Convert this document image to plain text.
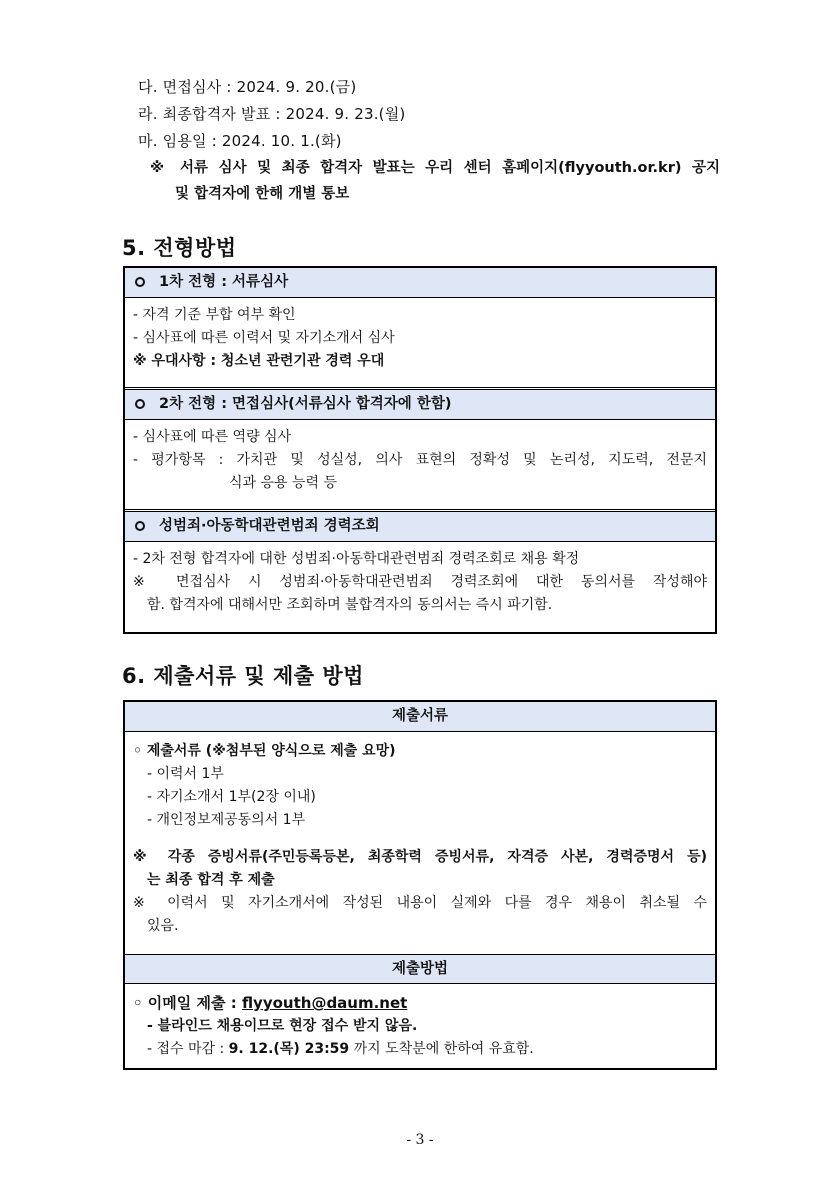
다. 면접심사 : 2024. 9. 20.(금)
라. 최종합격자 발표 : 2024. 9. 23.(월)
마. 임용일 : 2024. 10. 1.(화)
※ 서류 심사 및 최종 합격자 발표는 우리 센터 홈페이지(flyyouth.or.kr) 공지
및 합격자에 한해 개별 통보
5. 전형방법
1차 전형 : 서류심사
- 자격 기준 부합 여부 확인
- 심사표에 따른 이력서 및 자기소개서 심사
※ 우대사항 : 청소년 관련기관 경력 우대
2차 전형 : 면접심사(서류심사 합격자에 한함)
- 심사표에 따른 역량 심사
- 평가항목 : 가치관 및 성실성, 의사 표현의 정확성 및 논리성, 지도력, 전문지
식과 응용 능력 등
성범죄·아동학대관련범죄 경력조회
- 2차 전형 합격자에 대한 성범죄·아동학대관련범죄 경력조회로 채용 확정
※ 면접심사 시 성범죄·아동학대관련범죄 경력조회에 대한 동의서를 작성해야
함. 합격자에 대해서만 조회하며 불합격자의 동의서는 즉시 파기함.
6. 제출서류 및 제출 방법
제출서류
◦ 제출서류 (※첨부된 양식으로 제출 요망)
- 이력서 1부
- 자기소개서 1부(2장 이내)
- 개인정보제공동의서 1부
※ 각종 증빙서류(주민등록등본, 최종학력 증빙서류, 자격증 사본, 경력증명서 등)
는 최종 합격 후 제출
※ 이력서 및 자기소개서에 작성된 내용이 실제와 다를 경우 채용이 취소될 수
있음.
제출방법
◦ 이메일 제출 : flyyouth@daum.net
- 블라인드 채용이므로 현장 접수 받지 않음.
- 접수 마감 : 9. 12.(목) 23:59 까지 도착분에 한하여 유효함.
- 3 -
